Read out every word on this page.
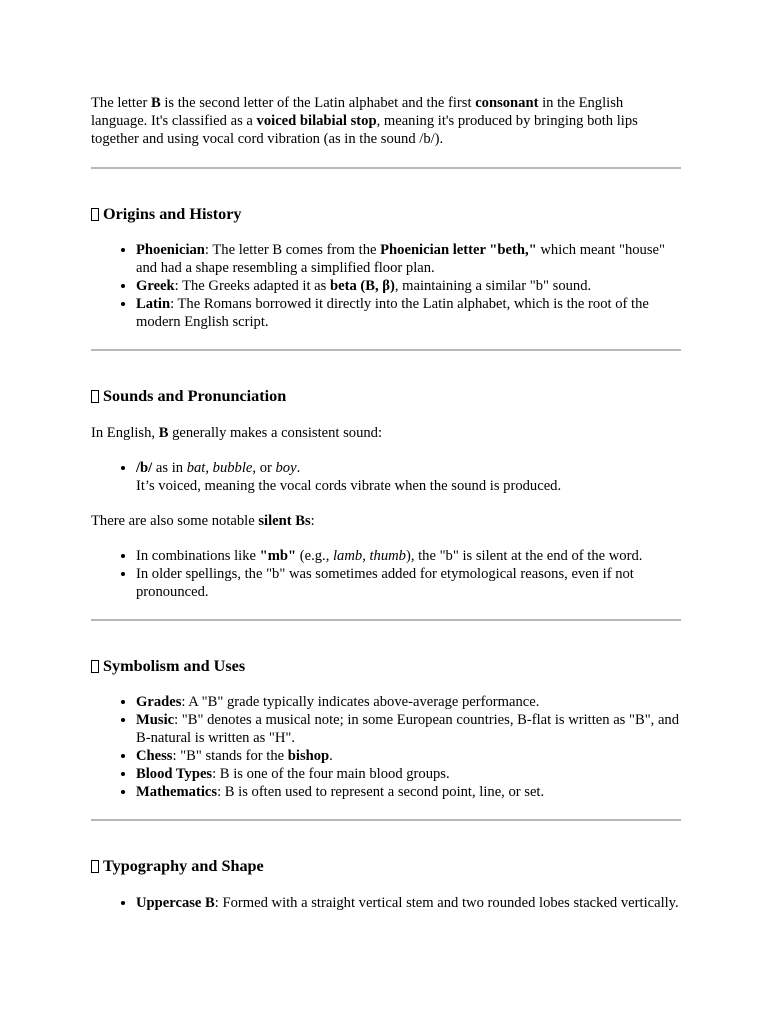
The letter B is the second letter of the Latin alphabet and the first consonant in the English language. It's classified as a voiced bilabial stop, meaning it's produced by bringing both lips together and using vocal cord vibration (as in the sound /b/).

Origins and History
• Phoenician: The letter B comes from the Phoenician letter "beth," which meant "house" and had a shape resembling a simplified floor plan.
• Greek: The Greeks adapted it as beta (Β, β), maintaining a similar "b" sound.
• Latin: The Romans borrowed it directly into the Latin alphabet, which is the root of the modern English script.
Sounds and Pronunciation

In English, B generally makes a consistent sound:

• /b/ as in bat, bubble, or boy.
It’s voiced, meaning the vocal cords vibrate when the sound is produced.

There are also some notable silent Bs:

• In combinations like "mb" (e.g., lamb, thumb), the "b" is silent at the end of the word.
• In older spellings, the "b" was sometimes added for etymological reasons, even if not pronounced.
Symbolism and Uses
• Grades: A "B" grade typically indicates above-average performance.
• Music: "B" denotes a musical note; in some European countries, B-flat is written as "B", and B-natural is written as "H".
• Chess: "B" stands for the bishop.
• Blood Types: B is one of the four main blood groups.
• Mathematics: B is often used to represent a second point, line, or set.
Typography and Shape
• Uppercase B: Formed with a straight vertical stem and two rounded lobes stacked vertically.
